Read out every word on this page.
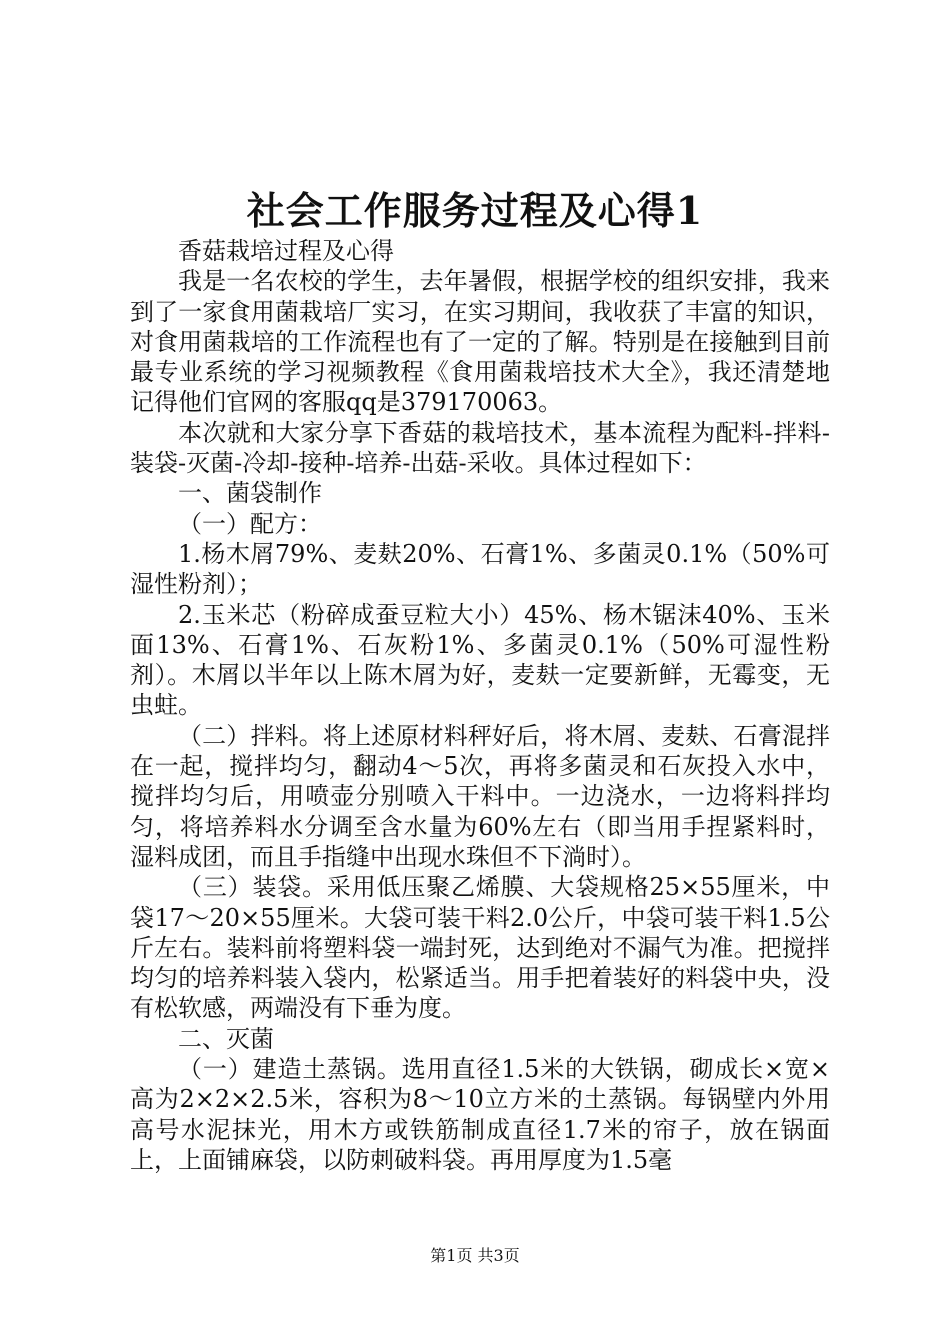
社会工作服务过程及心得1

香菇栽培过程及心得

我是一名农校的学生，去年暑假，根据学校的组织安排，我来到了一家食用菌栽培厂实习，在实习期间，我收获了丰富的知识，对食用菌栽培的工作流程也有了一定的了解。特别是在接触到目前最专业系统的学习视频教程《食用菌栽培技术大全》，我还清楚地记得他们官网的客服qq是379170063。

本次就和大家分享下香菇的栽培技术，基本流程为配料-拌料-装袋-灭菌-冷却-接种-培养-出菇-采收。具体过程如下：

一、菌袋制作

（一）配方：

1.杨木屑79%、麦麸20%、石膏1%、多菌灵0.1%（50%可湿性粉剂）；

2.玉米芯（粉碎成蚕豆粒大小）45%、杨木锯沫40%、玉米面13%、石膏1%、石灰粉1%、多菌灵0.1%（50%可湿性粉剂）。木屑以半年以上陈木屑为好，麦麸一定要新鲜，无霉变，无虫蛀。

（二）拌料。将上述原材料秤好后，将木屑、麦麸、石膏混拌在一起，搅拌均匀，翻动4～5次，再将多菌灵和石灰投入水中，搅拌均匀后，用喷壶分别喷入干料中。一边浇水，一边将料拌均匀，将培养料水分调至含水量为60%左右（即当用手捏紧料时，湿料成团，而且手指缝中出现水珠但不下淌时）。

（三）装袋。采用低压聚乙烯膜、大袋规格25×55厘米，中袋17～20×55厘米。大袋可装干料2.0公斤，中袋可装干料1.5公斤左右。装料前将塑料袋一端封死，达到绝对不漏气为准。把搅拌均匀的培养料装入袋内，松紧适当。用手把着装好的料袋中央，没有松软感，两端没有下垂为度。

二、灭菌

（一）建造土蒸锅。选用直径1.5米的大铁锅，砌成长×宽×高为2×2×2.5米，容积为8～10立方米的土蒸锅。每锅壁内外用高号水泥抹光，用木方或铁筋制成直径1.7米的帘子，放在锅面上，上面铺麻袋，以防刺破料袋。再用厚度为1.5毫

第1页 共3页
